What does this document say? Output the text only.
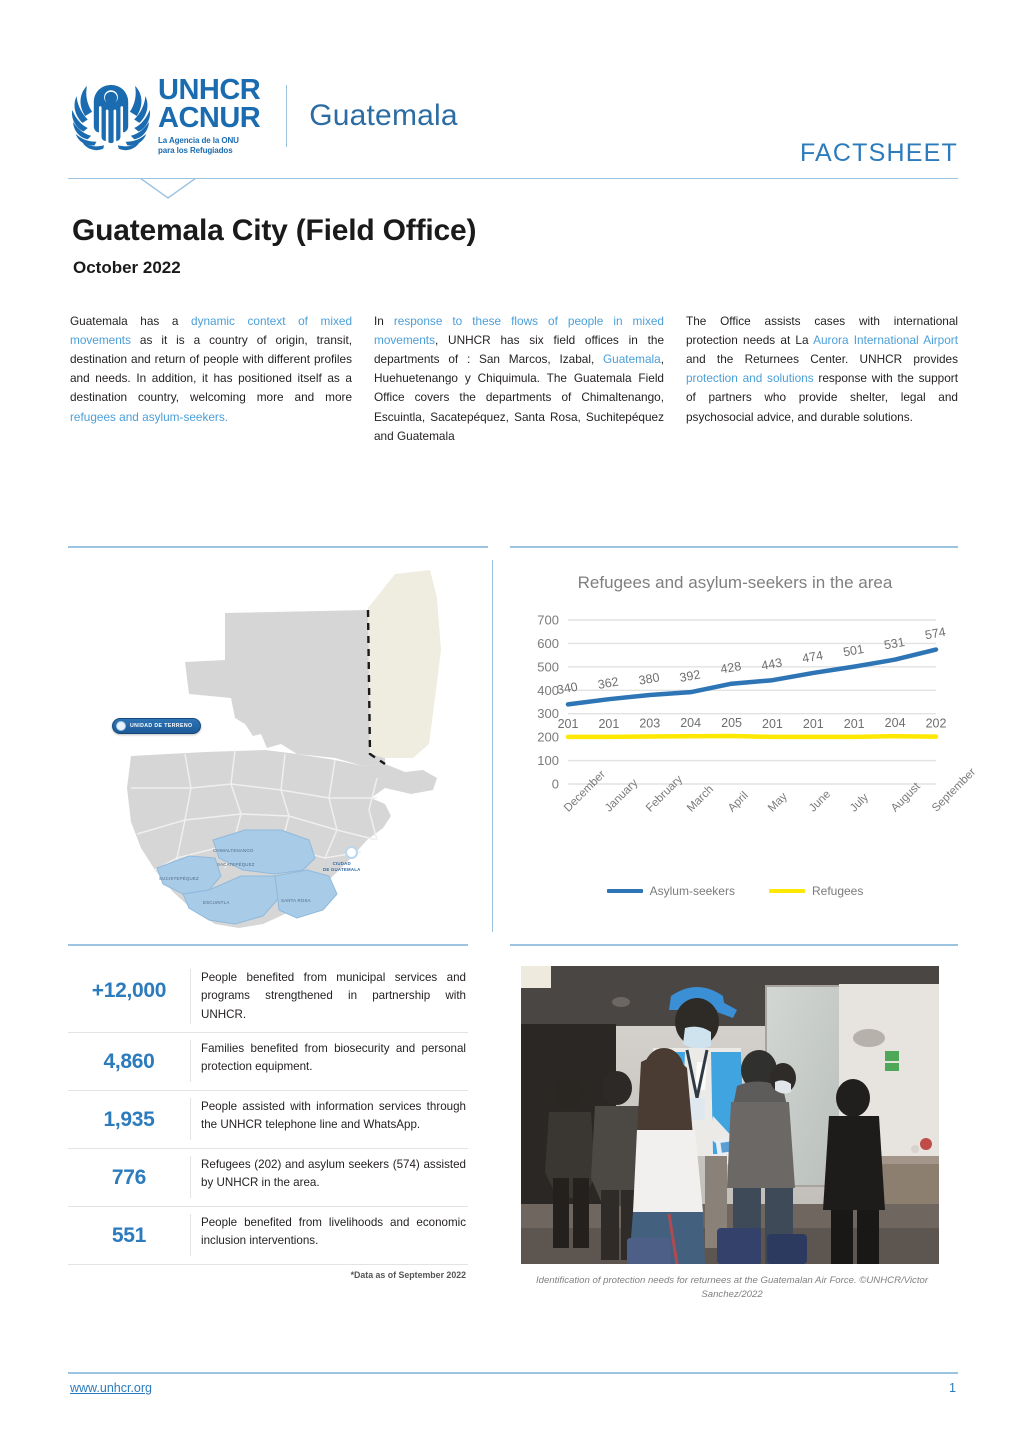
UNHCR
ACNUR
La Agencia de la ONU
para los Refugiados
Guatemala
FACTSHEET
Guatemala City (Field Office)
October 2022
Guatemala has a dynamic context of mixed movements as it is a country of origin, transit, destination and return of people with different profiles and needs. In addition, it has positioned itself as a destination country, welcoming more and more refugees and asylum-seekers.
In response to these flows of people in mixed movements, UNHCR has six field offices in the departments of : San Marcos, Izabal, Guatemala, Huehuetenango y Chiquimula. The Guatemala Field Office covers the departments of Chimaltenango, Escuintla, Sacatepéquez, Santa Rosa, Suchitepéquez and Guatemala
The Office assists cases with international protection needs at La Aurora International Airport and the Returnees Center. UNHCR provides protection and solutions response with the support of partners who provide shelter, legal and psychosocial advice, and durable solutions.
UNIDAD DE TERRENO
CIUDAD
DE GUATEMALA
CHIMALTENANGO
SACATEPÉQUEZ
SUCHITEPÉQUEZ
ESCUINTLA	SANTA ROSA
Refugees and asylum-seekers in the area
700
600
500
400
300
200
100
0
340 362 380 392 428 443 474 501 531
574
201 201 203 204 205 201 201 201 204 202
December
January February March April May June July August September
Asylum-seekers	Refugees
+12,000
People benefited from municipal services and programs strengthened in partnership with UNHCR.
4,860
Families benefited from biosecurity and personal protection equipment.
1,935
People assisted with information services through the UNHCR telephone line and WhatsApp.
776
Refugees (202) and asylum seekers (574) assisted by UNHCR in the area.
551
People benefited from livelihoods and economic inclusion interventions.
*Data as of September 2022
Identification of protection needs for returnees at the Guatemalan Air Force. ©UNHCR/Victor Sanchez/2022
www.unhcr.org	1
